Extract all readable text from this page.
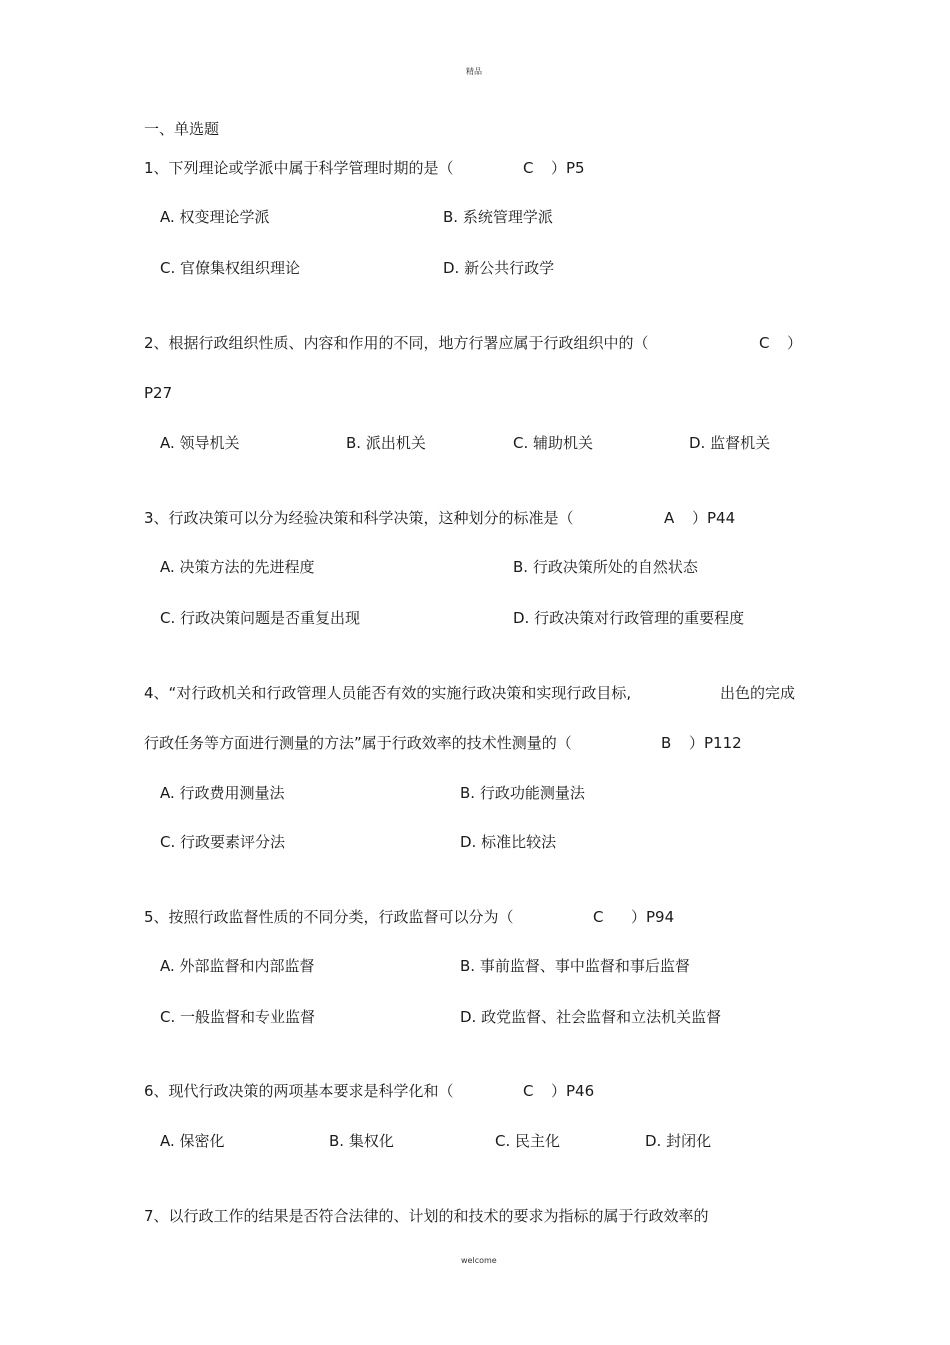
精品
welcome
一、单选题
1、下列理论或学派中属于科学管理时期的是（	C ）P5
A. 权变理论学派	B. 系统管理学派
C. 官僚集权组织理论	D. 新公共行政学
2、根据行政组织性质、内容和作用的不同，地方行署应属于行政组织中的（	C ）
P27
A. 领导机关	B. 派出机关	C. 辅助机关	D. 监督机关
3、行政决策可以分为经验决策和科学决策，这种划分的标准是（	A ）P44
A. 决策方法的先进程度	B. 行政决策所处的自然状态
C. 行政决策问题是否重复出现	D. 行政决策对行政管理的重要程度
4、“对行政机关和行政管理人员能否有效的实施行政决策和实现行政目标,	出色的完成
行政任务等方面进行测量的方法”属于行政效率的技术性测量的（	B ）P112
A. 行政费用测量法	B. 行政功能测量法
C. 行政要素评分法	D. 标准比较法
5、按照行政监督性质的不同分类，行政监督可以分为（	C ）P94
A. 外部监督和内部监督	B. 事前监督、事中监督和事后监督
C. 一般监督和专业监督	D. 政党监督、社会监督和立法机关监督
6、现代行政决策的两项基本要求是科学化和（	C ）P46
A. 保密化	B. 集权化	C. 民主化	D. 封闭化
7、以行政工作的结果是否符合法律的、计划的和技术的要求为指标的属于行政效率的
